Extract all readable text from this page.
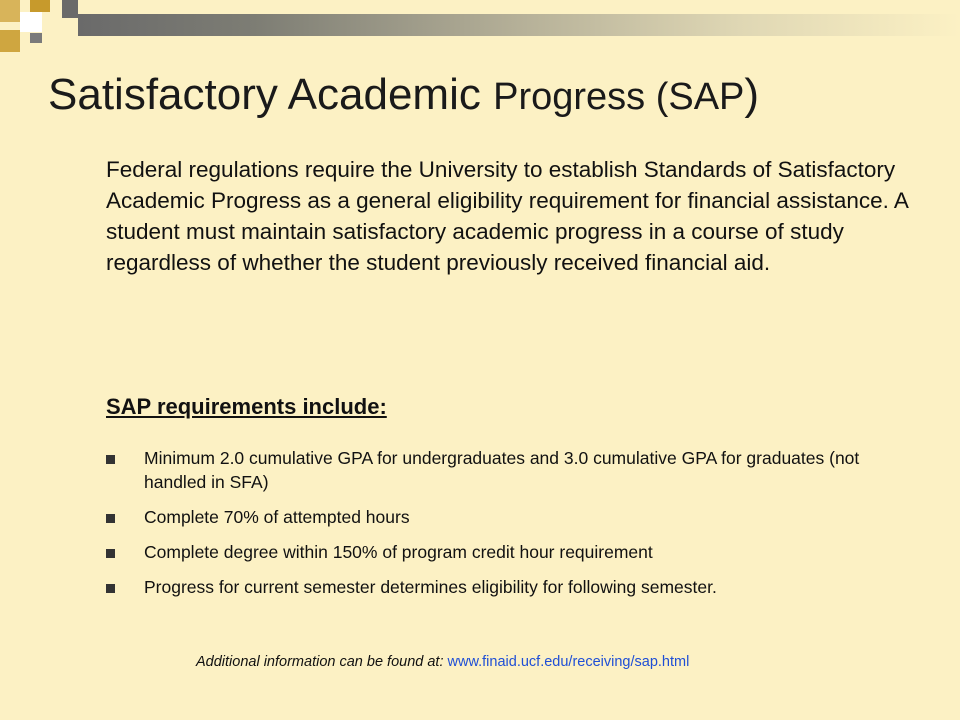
Satisfactory Academic Progress (SAP)

Federal regulations require the University to establish Standards of Satisfactory Academic Progress as a general eligibility requirement for financial assistance. A student must maintain satisfactory academic progress in a course of study regardless of whether the student previously received financial aid.

SAP requirements include:
Minimum 2.0 cumulative GPA for undergraduates and 3.0 cumulative GPA for graduates (not handled in SFA)
Complete 70% of attempted hours
Complete degree within 150% of program credit hour requirement
Progress for current semester determines eligibility for following semester.

Additional information can be found at: www.finaid.ucf.edu/receiving/sap.html
